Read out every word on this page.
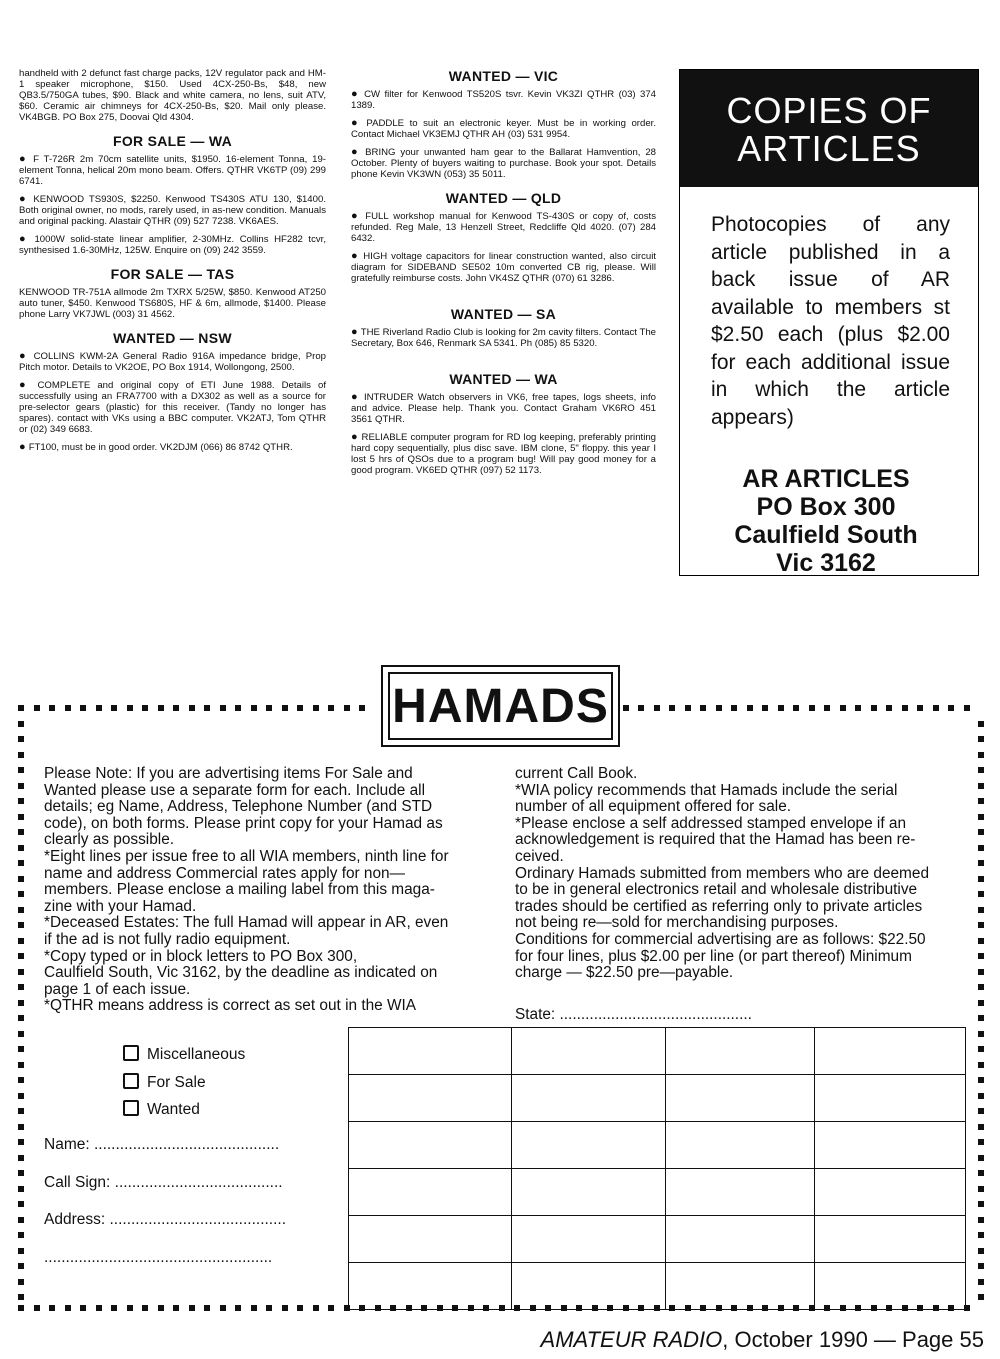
handheld with 2 defunct fast charge packs, 12V regulator pack and HM-1 speaker microphone, $150. Used 4CX-250-Bs, $48, new QB3.5/750GA tubes, $90. Black and white camera, no lens, suit ATV, $60. Ceramic air chimneys for 4CX-250-Bs, $20. Mail only please. VK4BGB. PO Box 275, Doovai Qld 4304.

FOR SALE — WA

● F T-726R 2m 70cm satellite units, $1950. 16-element Tonna, 19-element Tonna, helical 20m mono beam. Offers. QTHR VK6TP (09) 299 6741.

● KENWOOD TS930S, $2250. Kenwood TS430S ATU 130, $1400. Both original owner, no mods, rarely used, in as-new condition. Manuals and original packing. Alastair QTHR (09) 527 7238. VK6AES.

● 1000W solid-state linear amplifier, 2-30MHz. Collins HF282 tcvr, synthesised 1.6-30MHz, 125W. Enquire on (09) 242 3559.

FOR SALE — TAS

KENWOOD TR-751A allmode 2m TXRX 5/25W, $850. Kenwood AT250 auto tuner, $450. Kenwood TS680S, HF & 6m, allmode, $1400. Please phone Larry VK7JWL (003) 31 4562.

WANTED — NSW

● COLLINS KWM-2A General Radio 916A impedance bridge, Prop Pitch motor. Details to VK2OE, PO Box 1914, Wollongong, 2500.

● COMPLETE and original copy of ETI June 1988. Details of successfully using an FRA7700 with a DX302 as well as a source for pre-selector gears (plastic) for this receiver. (Tandy no longer has spares). contact with VKs using a BBC computer. VK2ATJ, Tom QTHR or (02) 349 6683.

● FT100, must be in good order. VK2DJM (066) 86 8742 QTHR.

WANTED — VIC

● CW filter for Kenwood TS520S tsvr. Kevin VK3ZI QTHR (03) 374 1389.

● PADDLE to suit an electronic keyer. Must be in working order. Contact Michael VK3EMJ QTHR AH (03) 531 9954.

● BRING your unwanted ham gear to the Ballarat Hamvention, 28 October. Plenty of buyers waiting to purchase. Book your spot. Details phone Kevin VK3WN (053) 35 5011.

WANTED — QLD

● FULL workshop manual for Kenwood TS-430S or copy of, costs refunded. Reg Male, 13 Henzell Street, Redcliffe Qld 4020. (07) 284 6432.

● HIGH voltage capacitors for linear construction wanted, also circuit diagram for SIDEBAND SE502 10m converted CB rig, please. Will gratefully reimburse costs. John VK4SZ QTHR (070) 61 3286.

WANTED — SA

● THE Riverland Radio Club is looking for 2m cavity filters. Contact The Secretary, Box 646, Renmark SA 5341. Ph (085) 85 5320.

WANTED — WA

● INTRUDER Watch observers in VK6, free tapes, logs sheets, info and advice. Please help. Thank you. Contact Graham VK6RO 451 3561 QTHR.

● RELIABLE computer program for RD log keeping, preferably printing hard copy sequentially, plus disc save. IBM clone, 5" floppy. this year I lost 5 hrs of QSOs due to a program bug! Will pay good money for a good program. VK6ED QTHR (097) 52 1173.

COPIES OF
ARTICLES
Photocopies of any article published in a back issue of AR available to members st $2.50 each (plus $2.00 for each additional issue in which the article appears)
AR ARTICLES
PO Box 300
Caulfield South
Vic 3162
HAMADS

Please Note: If you are advertising items For Sale and

Wanted please use a separate form for each. Include all

details; eg Name, Address, Telephone Number (and STD

code), on both forms. Please print copy for your Hamad as

clearly as possible.

*Eight lines per issue free to all WIA members, ninth line for

name and address Commercial rates apply for non—

members. Please enclose a mailing label from this maga-

zine with your Hamad.

*Deceased Estates: The full Hamad will appear in AR, even

if the ad is not fully radio equipment.

*Copy typed or in block letters to PO Box 300,

Caulfield South, Vic 3162, by the deadline as indicated on

page 1 of each issue.

*QTHR means address is correct as set out in the WIA

current Call Book.

*WIA policy recommends that Hamads include the serial

number of all equipment offered for sale.

*Please enclose a self addressed stamped envelope if an

acknowledgement is required that the Hamad has been re-

ceived.

Ordinary Hamads submitted from members who are deemed

to be in general electronics retail and wholesale distributive

trades should be certified as referring only to private articles

not being re—sold for merchandising purposes.

Conditions for commercial advertising are as follows: $22.50

for four lines, plus $2.00 per line (or part thereof) Minimum

charge — $22.50 pre—payable.

State: .............................................
Miscellaneous
For Sale
Wanted
Name: ...........................................
Call Sign: .......................................
Address: .........................................
.....................................................

AMATEUR RADIO, October 1990 — Page 55
